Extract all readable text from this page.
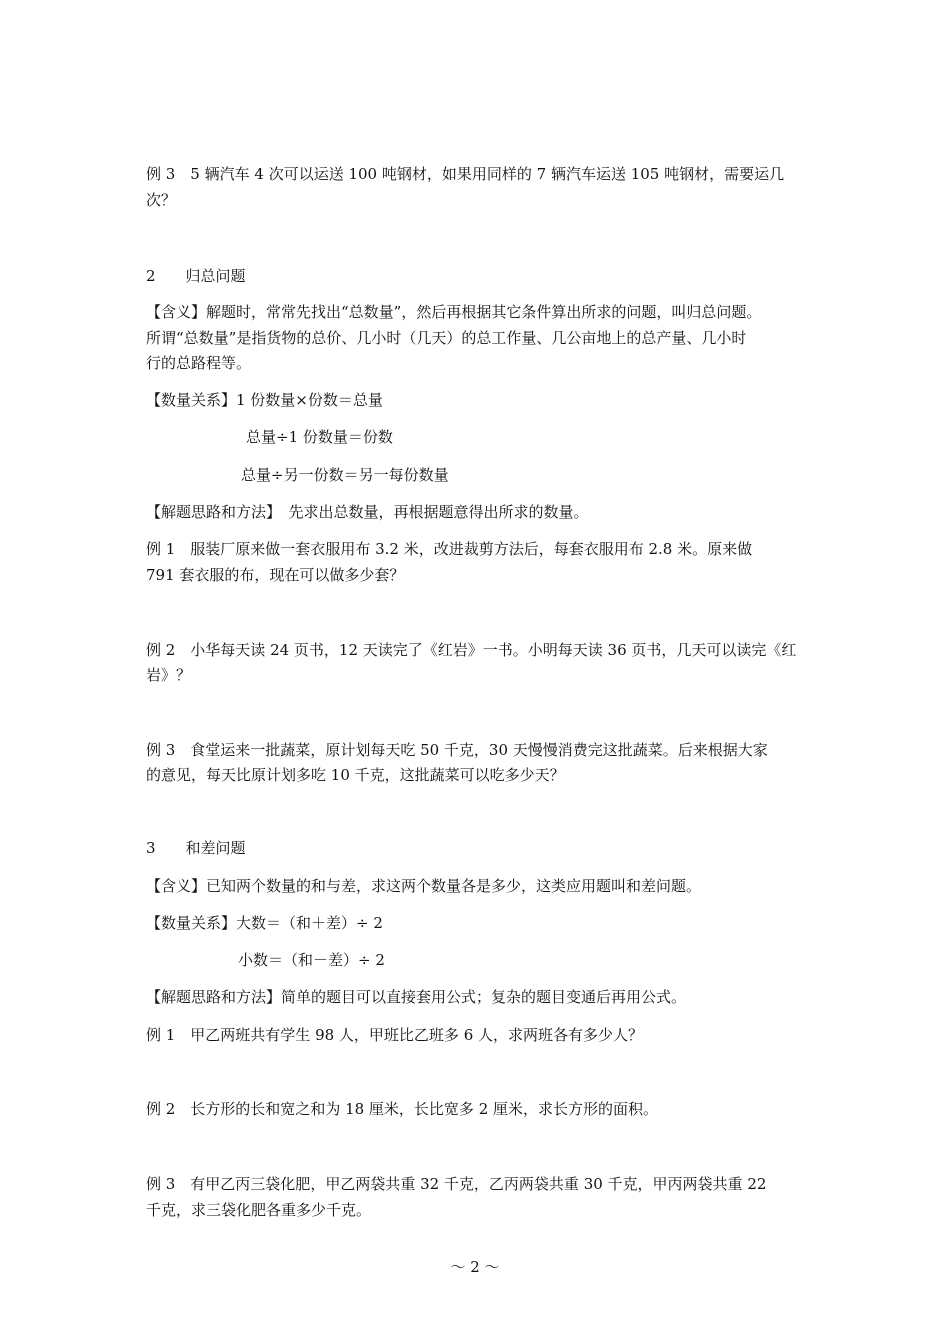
例 3　5 辆汽车 4 次可以运送 100 吨钢材，如果用同样的 7 辆汽车运送 105 吨钢材，需要运几
次？
2　　归总问题
【含义】解题时，常常先找出“总数量”，然后再根据其它条件算出所求的问题，叫归总问题。
所谓“总数量”是指货物的总价、几小时（几天）的总工作量、几公亩地上的总产量、几小时
行的总路程等。
【数量关系】1 份数量×份数＝总量
总量÷1 份数量＝份数
总量÷另一份数＝另一每份数量
【解题思路和方法】　先求出总数量，再根据题意得出所求的数量。
例 1　服装厂原来做一套衣服用布 3.2 米，改进裁剪方法后，每套衣服用布 2.8 米。原来做
791 套衣服的布，现在可以做多少套？
例 2　小华每天读 24 页书，12 天读完了《红岩》一书。小明每天读 36 页书，几天可以读完《红
岩》？
例 3　食堂运来一批蔬菜，原计划每天吃 50 千克，30 天慢慢消费完这批蔬菜。后来根据大家
的意见，每天比原计划多吃 10 千克，这批蔬菜可以吃多少天？
3　　和差问题
【含义】已知两个数量的和与差，求这两个数量各是多少，这类应用题叫和差问题。
【数量关系】大数＝（和＋差）÷ 2
小数＝（和－差）÷ 2
【解题思路和方法】简单的题目可以直接套用公式；复杂的题目变通后再用公式。
例 1　甲乙两班共有学生 98 人，甲班比乙班多 6 人，求两班各有多少人？
例 2　长方形的长和宽之和为 18 厘米，长比宽多 2 厘米，求长方形的面积。
例 3　有甲乙丙三袋化肥，甲乙两袋共重 32 千克，乙丙两袋共重 30 千克，甲丙两袋共重 22
千克，求三袋化肥各重多少千克。
～ 2 ～
